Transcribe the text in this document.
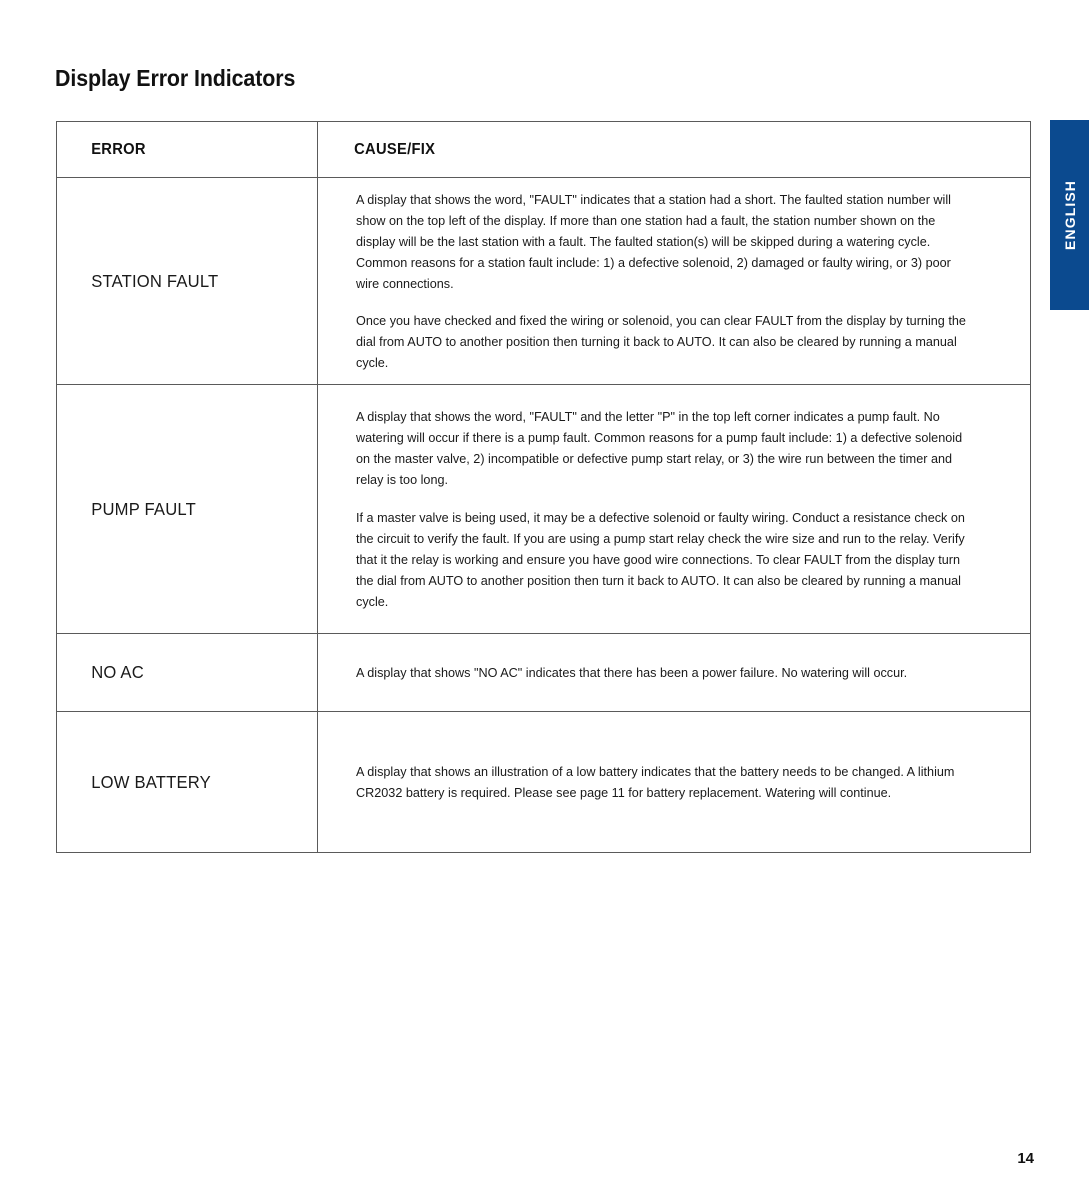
Display Error Indicators
ENGLISH
ERROR	CAUSE/FIX

STATION FAULT	A display that shows the word, "FAULT" indicates that a station had a short. The faulted station number will show on the top left of the display. If more than one station had a fault, the station number shown on the display will be the last station with a fault. The faulted station(s) will be skipped during a watering cycle. Common reasons for a station fault include: 1) a defective solenoid, 2) damaged or faulty wiring, or 3) poor wire connections.

Once you have checked and fixed the wiring or solenoid, you can clear FAULT from the display by turning the dial from AUTO to another position then turning it back to AUTO. It can also be cleared by running a manual cycle.

PUMP FAULT	A display that shows the word, "FAULT" and the letter "P" in the top left corner indicates a pump fault. No watering will occur if there is a pump fault. Common reasons for a pump fault include: 1) a defective solenoid on the master valve, 2) incompatible or defective pump start relay, or 3) the wire run between the timer and relay is too long.

If a master valve is being used, it may be a defective solenoid or faulty wiring. Conduct a resistance check on the circuit to verify the fault. If you are using a pump start relay check the wire size and run to the relay. Verify that it the relay is working and ensure you have good wire connections. To clear FAULT from the display turn the dial from AUTO to another position then turn it back to AUTO. It can also be cleared by running a manual cycle.

NO AC	A display that shows "NO AC" indicates that there has been a power failure. No watering will occur.

LOW BATTERY	A display that shows an illustration of a low battery indicates that the battery needs to be changed. A lithium CR2032 battery is required. Please see page 11 for battery replacement. Watering will continue.

14
